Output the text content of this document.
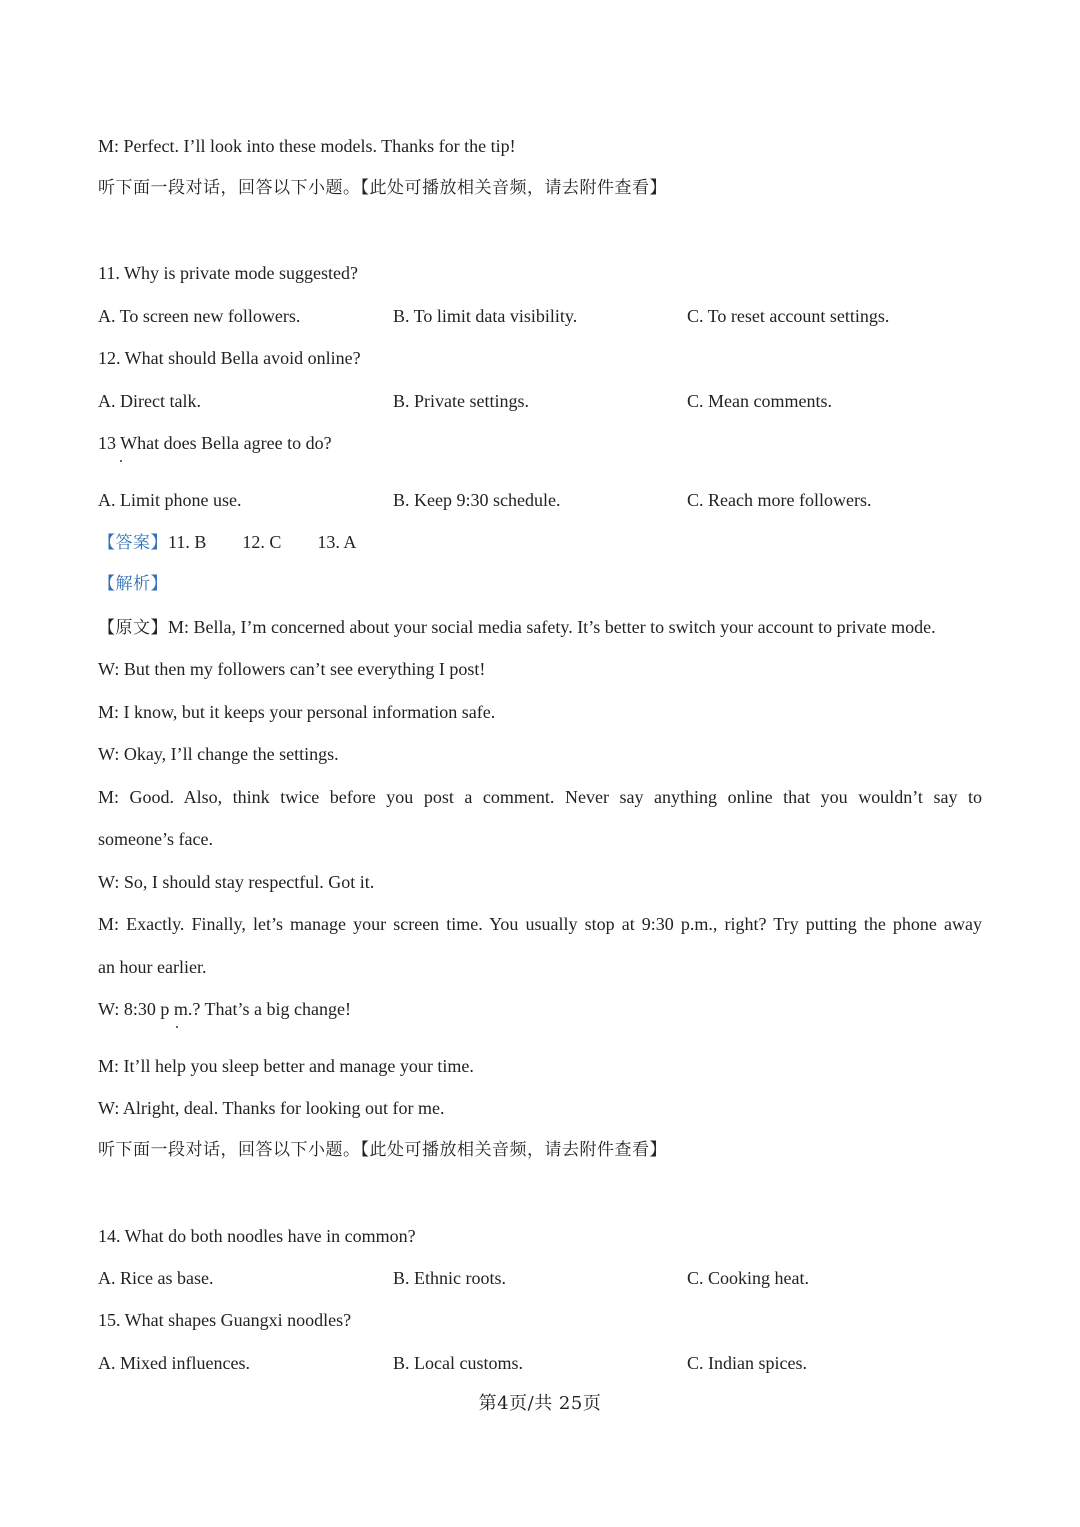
M: Perfect. I’ll look into these models. Thanks for the tip!
听下面一段对话，回答以下小题。【此处可播放相关音频，请去附件查看】
11. Why is private mode suggested?
A. To screen new followers.	B. To limit data visibility.	C. To reset account settings.
12. What should Bella avoid online?
A. Direct talk.	B. Private settings.	C. Mean comments.
13 What does Bella agree to do?
A. Limit phone use.	B. Keep 9:30 schedule.	C. Reach more followers.
【答案】11. B 12. C 13. A
【解析】
【原文】M: Bella, I’m concerned about your social media safety. It’s better to switch your account to private mode.
W: But then my followers can’t see everything I post!
M: I know, but it keeps your personal information safe.
W: Okay, I’ll change the settings.
M: Good. Also, think twice before you post a comment. Never say anything online that you wouldn’t say to
someone’s face.
W: So, I should stay respectful. Got it.
M: Exactly. Finally, let’s manage your screen time. You usually stop at 9:30 p.m., right? Try putting the phone away
an hour earlier.
W: 8:30 p m.? That’s a big change!
M: It’ll help you sleep better and manage your time.
W: Alright, deal. Thanks for looking out for me.
听下面一段对话，回答以下小题。【此处可播放相关音频，请去附件查看】
14. What do both noodles have in common?
A. Rice as base.	B. Ethnic roots.	C. Cooking heat.
15. What shapes Guangxi noodles?
A. Mixed influences.	B. Local customs.	C. Indian spices.
第4页/共 25页
